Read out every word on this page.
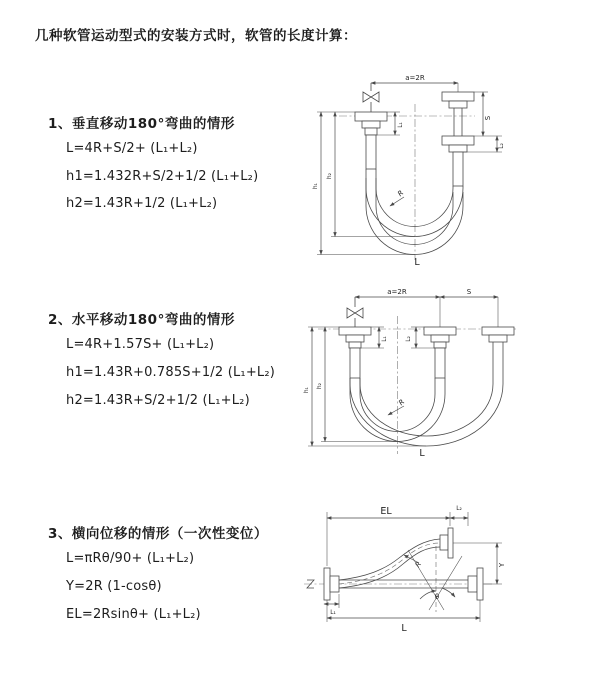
几种软管运动型式的安装方式时，软管的长度计算：
1、垂直移动180°弯曲的情形
L=4R+S/2+ (L₁+L₂)
h1=1.432R+S/2+1/2 (L₁+L₂)
h2=1.43R+1/2 (L₁+L₂)
a=2R
S
L₂
L₁
h₁
h₂
R
L
2、水平移动180°弯曲的情形
L=4R+1.57S+ (L₁+L₂)
h1=1.43R+0.785S+1/2 (L₁+L₂)
h2=1.43R+S/2+1/2 (L₁+L₂)
a=2R	S
L₁	L₂
h₁
h₂
R
L
3、横向位移的情形（一次性变位）
L=πRθ/90+ (L₁+L₂)
Y=2R (1-cosθ)
EL=2Rsinθ+ (L₁+L₂)
EL	L₂
Y
L₁
L
R
θ
